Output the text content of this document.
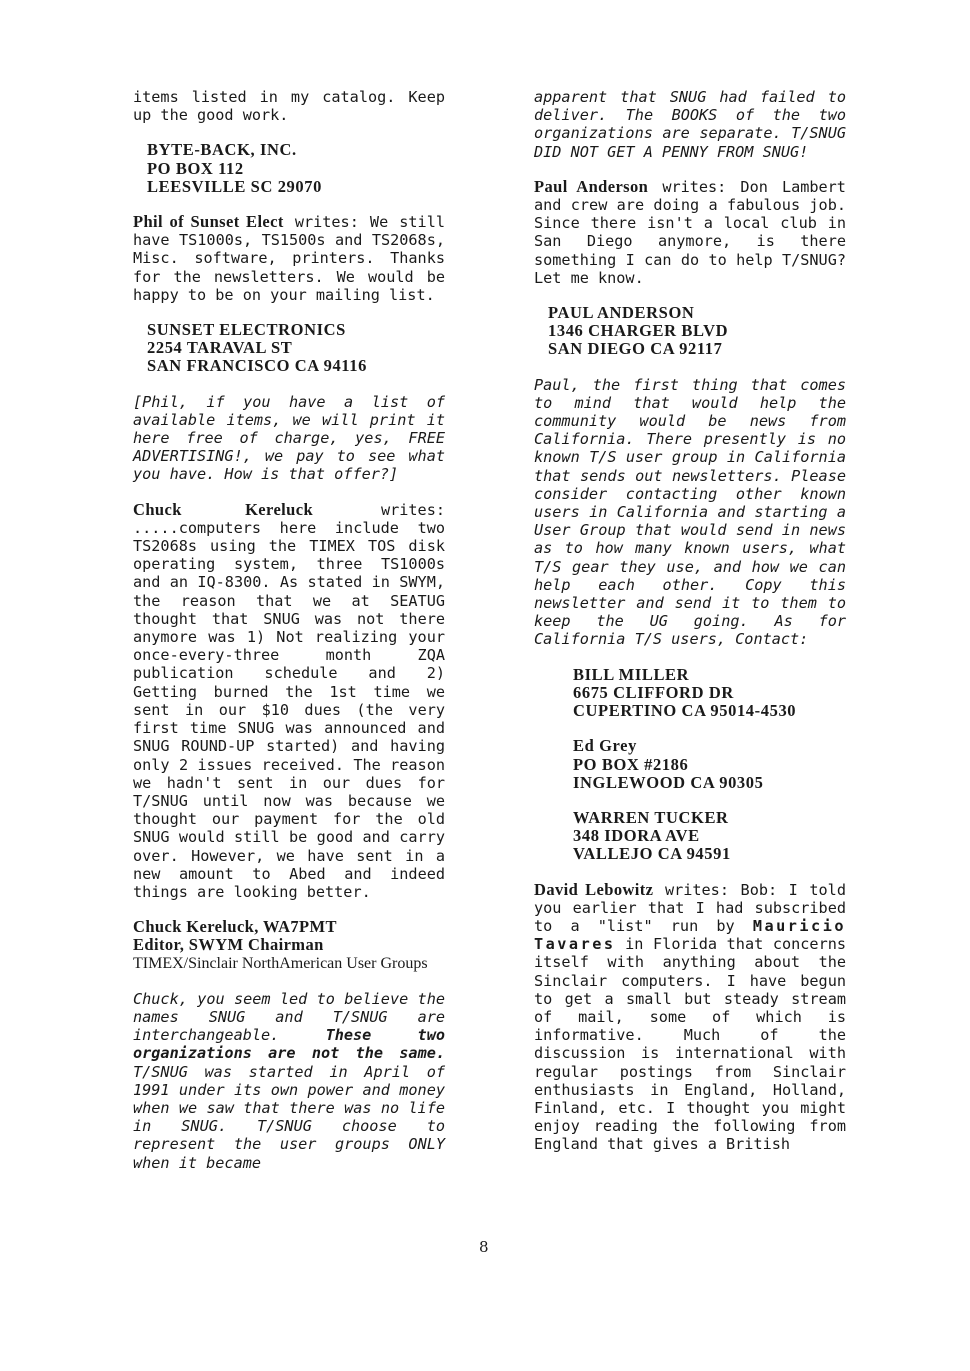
items listed in my catalog. Keep up the good work.

BYTE-BACK, INC.
PO BOX 112
LEESVILLE SC 29070

Phil of Sunset Elect writes: We still have TS1000s, TS1500s and TS2068s, Misc. software, printers. Thanks for the newsletters. We would be happy to be on your mailing list.

SUNSET ELECTRONICS
2254 TARAVAL ST
SAN FRANCISCO CA 94116

[Phil, if you have a list of available items, we will print it here free of charge, yes, FREE ADVERTISING!, we pay to see what you have. How is that offer?]

Chuck Kereluck	writes: .....computers here include two TS2068s using the TIMEX TOS disk operating system, three TS1000s and an IQ-8300. As stated in SWYM, the reason that we at SEATUG thought that SNUG was not there anymore was 1) Not realizing your once-every-three month ZQA publication schedule and 2) Getting burned the 1st time we sent in our $10 dues (the very first time SNUG was announced and SNUG ROUND-UP started) and having only 2 issues received. The reason we hadn't sent in our dues for T/SNUG until now was because we thought our payment for the old SNUG would still be good and carry over. However, we have sent in a new amount to Abed and indeed things are looking better.

Chuck Kereluck, WA7PMT
Editor, SWYM Chairman
TIMEX/Sinclair NorthAmerican User Groups

Chuck, you seem led to believe the names SNUG and T/SNUG are interchangeable.	These two organizations are not the same. T/SNUG was started in April of 1991 under its own power and money when we saw that there was no life in SNUG. T/SNUG choose to represent the user groups ONLY when it became

8

apparent that SNUG had failed to deliver. The BOOKS of the two organizations are separate. T/SNUG DID NOT GET A PENNY FROM SNUG!

Paul Anderson writes: Don Lambert and crew are doing a fabulous job. Since there isn't a local club in San Diego anymore, is there something I can do to help T/SNUG? Let me know.

PAUL ANDERSON
1346 CHARGER BLVD
SAN DIEGO CA 92117

Paul, the first thing that comes to mind that would help the community would be news from California. There presently is no known T/S user group in California that sends out newsletters. Please consider contacting other known users in California and starting a User Group that would send in news as to how many known users, what T/S gear they use, and how we can help each other. Copy this newsletter and send it to them to keep the UG going. As for California T/S users, Contact:

BILL MILLER
6675 CLIFFORD DR
CUPERTINO CA 95014-4530
Ed Grey
PO BOX #2186
INGLEWOOD CA 90305
WARREN TUCKER
348 IDORA AVE
VALLEJO CA 94591

David Lebowitz writes: Bob: I told you earlier that I had subscribed to a "list" run by Mauricio Tavares in Florida that concerns itself with anything about the Sinclair computers. I have begun to get a small but steady stream of mail, some of which is informative. Much of the discussion is international with regular postings from Sinclair enthusiasts in England, Holland, Finland, etc. I thought you might enjoy reading the following from England that gives a British
